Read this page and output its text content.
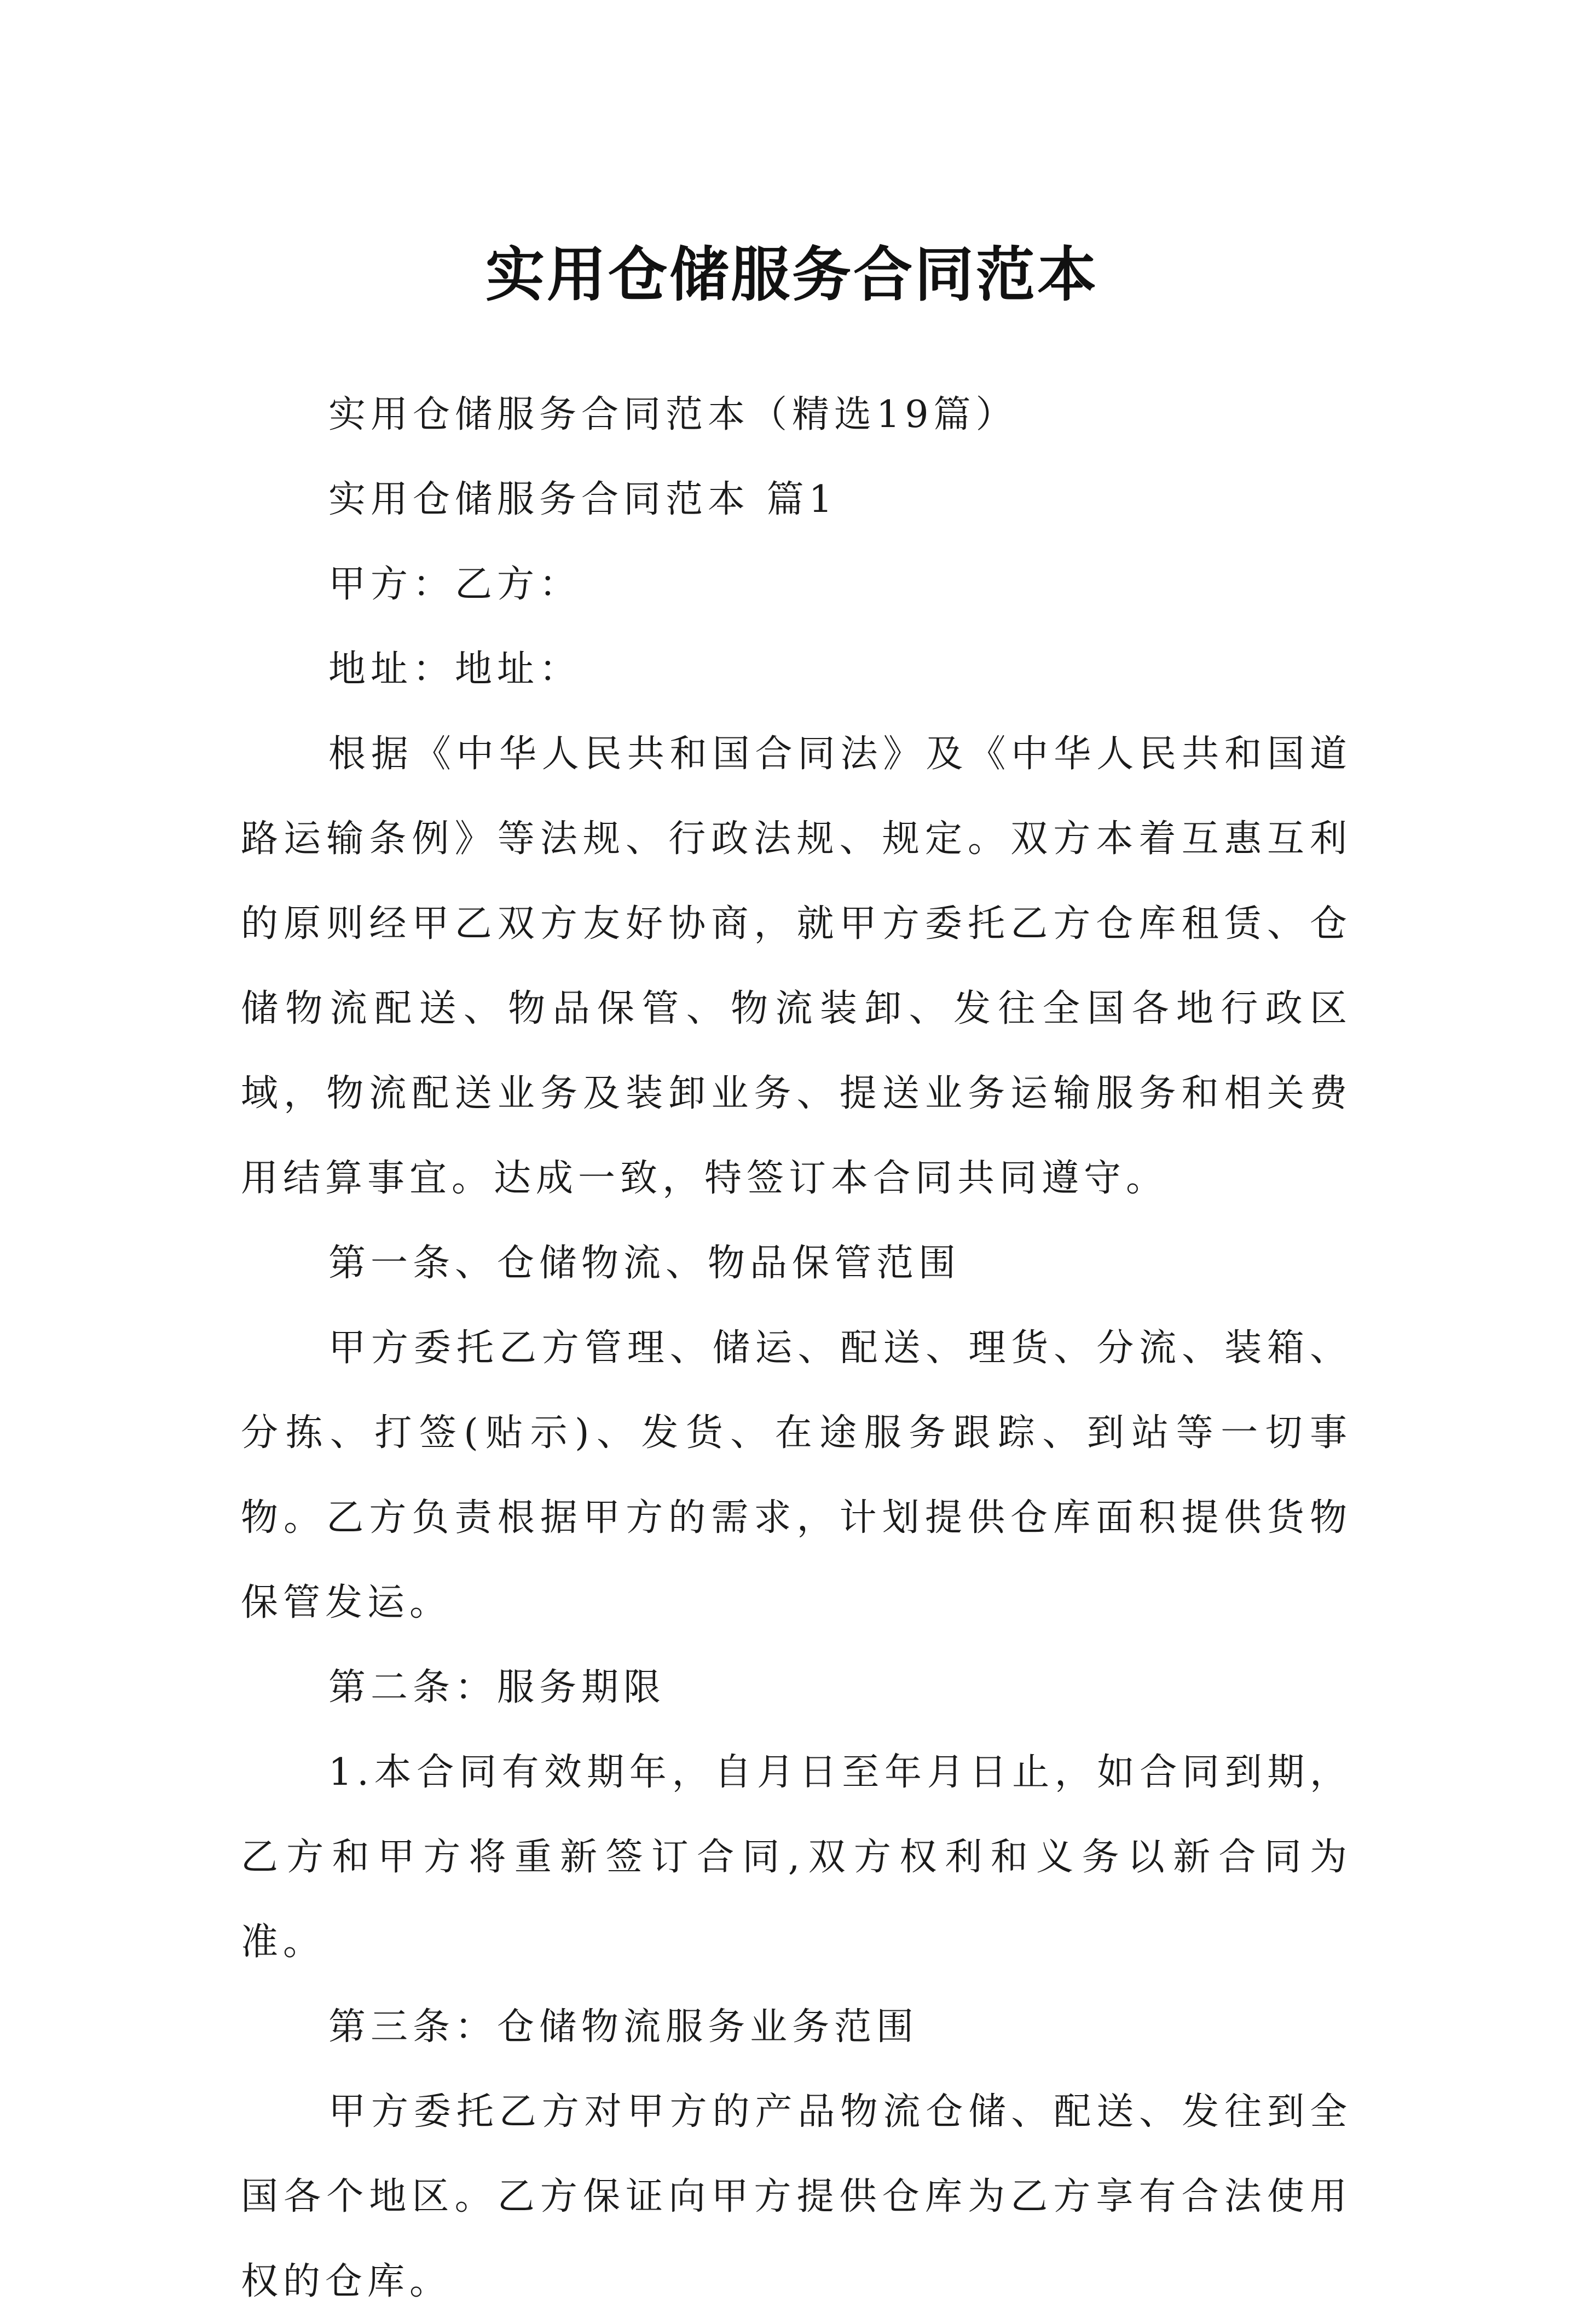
实用仓储服务合同范本

实用仓储服务合同范本（精选19篇）

实用仓储服务合同范本 篇1

甲方：乙方：

地址：地址：

根据《中华人民共和国合同法》及《中华人民共和国道路运输条例》等法规、行政法规、规定。双方本着互惠互利的原则经甲乙双方友好协商，就甲方委托乙方仓库租赁、仓储物流配送、物品保管、物流装卸、发往全国各地行政区域，物流配送业务及装卸业务、提送业务运输服务和相关费用结算事宜。达成一致，特签订本合同共同遵守。

第一条、仓储物流、物品保管范围

甲方委托乙方管理、储运、配送、理货、分流、装箱、分拣、打签(贴示)、发货、在途服务跟踪、到站等一切事物。乙方负责根据甲方的需求，计划提供仓库面积提供货物保管发运。

第二条：服务期限

1.本合同有效期年，自月日至年月日止，如合同到期，乙方和甲方将重新签订合同,双方权利和义务以新合同为准。

第三条：仓储物流服务业务范围

甲方委托乙方对甲方的产品物流仓储、配送、发往到全国各个地区。乙方保证向甲方提供仓库为乙方享有合法使用权的仓库。
